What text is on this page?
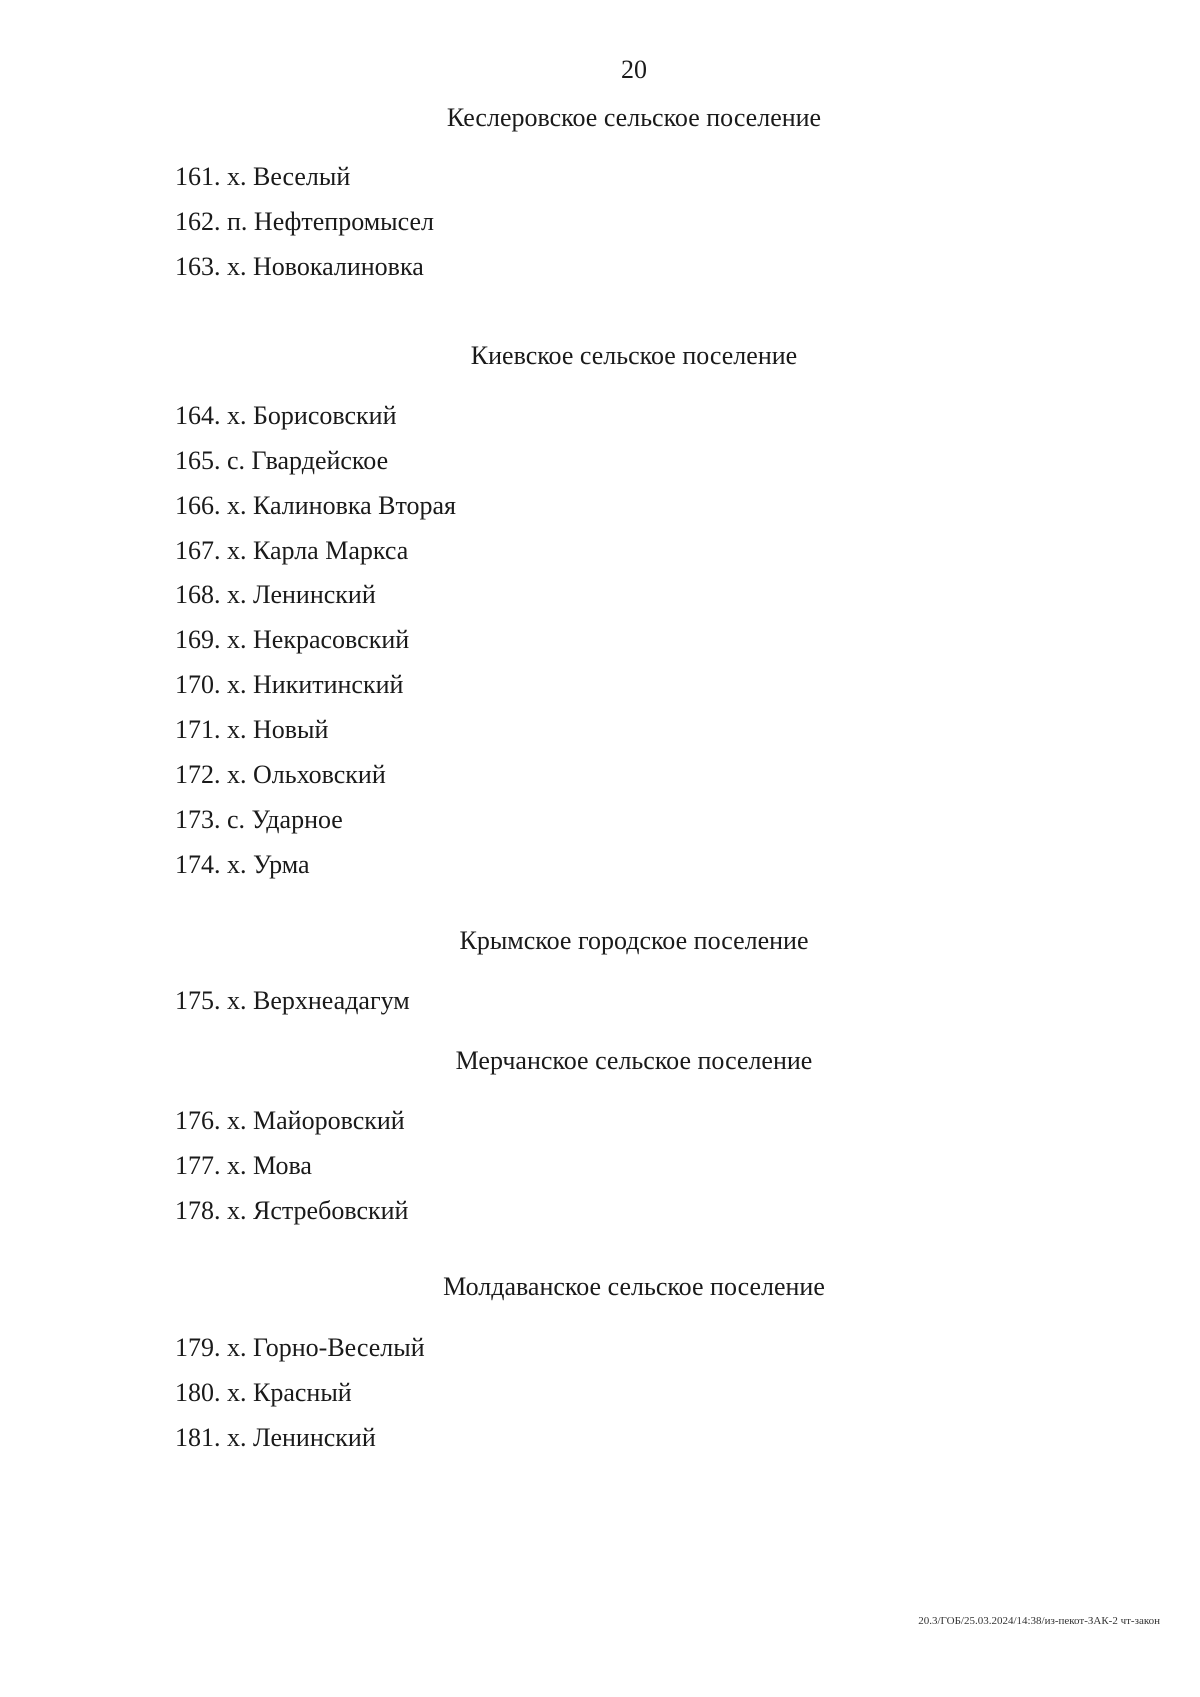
20
Кеслеровское сельское поселение
161. х. Веселый
162. п. Нефтепромысел
163. х. Новокалиновка
Киевское сельское поселение
164. х. Борисовский
165. с. Гвардейское
166. х. Калиновка Вторая
167. х. Карла Маркса
168. х. Ленинский
169. х. Некрасовский
170. х. Никитинский
171. х. Новый
172. х. Ольховский
173. с. Ударное
174. х. Урма
Крымское городское поселение
175. х. Верхнеадагум
Мерчанское сельское поселение
176. х. Майоровский
177. х. Мова
178. х. Ястребовский
Молдаванское сельское поселение
179. х. Горно-Веселый
180. х. Красный
181. х. Ленинский
20.3/ГОБ/25.03.2024/14:38/из-пекот-ЗАК-2 чт-закон
